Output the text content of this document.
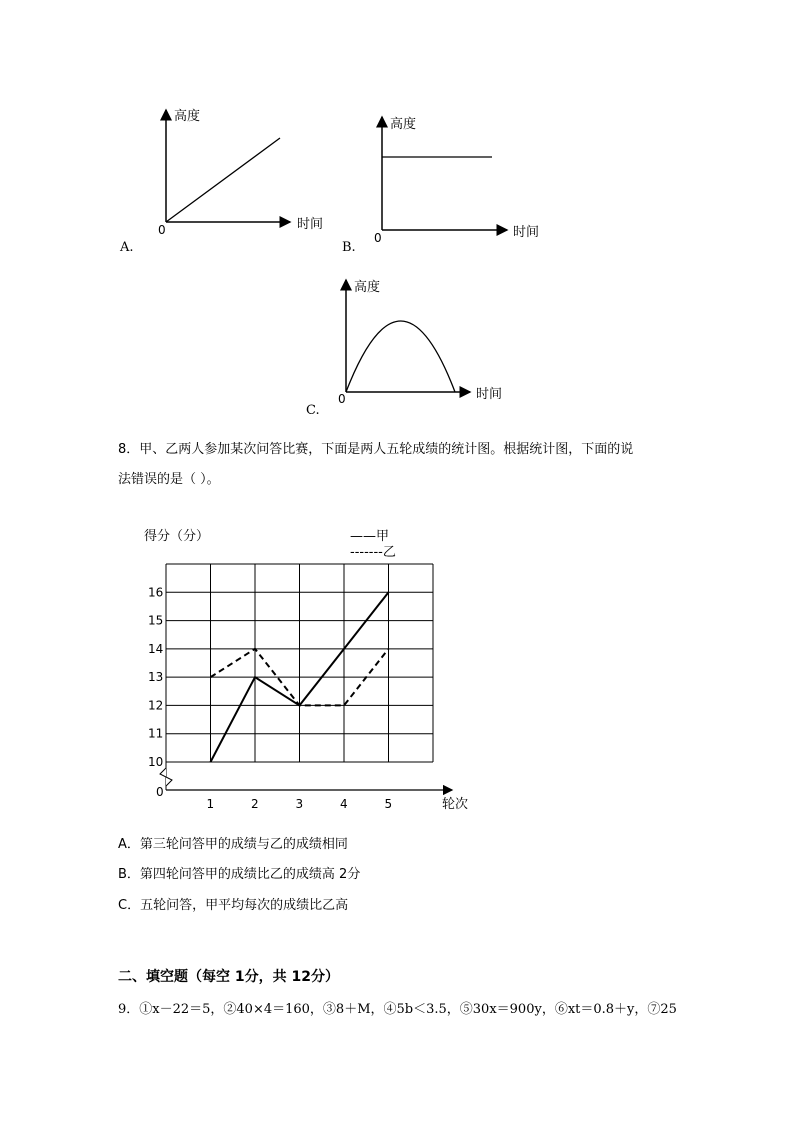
高度
时间
0
A.
高度
时间
0
B.
高度
时间
0
C.
8．甲、乙两人参加某次问答比赛，下面是两人五轮成绩的统计图。根据统计图，下面的说
法错误的是（ ）。
得分（分）	——甲
-------乙
10
11
12
13
14
15
16
1	2	3	4	5
0
轮次
A．第三轮问答甲的成绩与乙的成绩相同
B．第四轮问答甲的成绩比乙的成绩高 2分
C．五轮问答，甲平均每次的成绩比乙高
二、填空题（每空 1分，共 12分）
9．①x－22＝5，②40×4＝160，③8＋M，④5b＜3.5，⑤30x＝900y，⑥xt＝0.8＋y，⑦25
